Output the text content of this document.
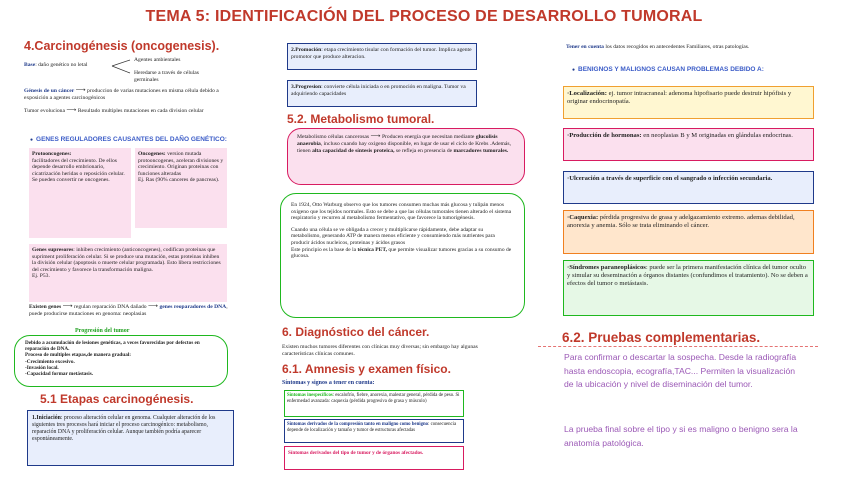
TEMA 5: IDENTIFICACIÓN DEL PROCESO DE DESARROLLO TUMORAL
4.Carcinogénesis (oncogenesis).
Base: daño genético no letal
Agentes ambientales
Heredarse a través de células germinales
Génesis de un cáncer ⟶ produccion de varias mutaciones en misma célula debido a exposición a agentes carcinogénicos
Tumor evoluciona ⟶ Resultado multiples mutaciones en cada division celular
● GENES REGULADORES CAUSANTES DEL DAÑO GENÉTICO:
Protooncogenes:
facilitadores del crecimiento. De ellos depende desarrollo embrionario, cicatrización heridas o reposición celular. Se pueden convertir ne oncogenes.
Oncogenes: version mutada protooncogenes, aceleran divisiones y crecimiento. Originan proteinas con funciones alteradas
Ej. Ras (90% canceres de pancreas).
Genes supresores: inhiben crecimiento (anticoncogenes), codifican proteinas que supriment proliferación celular. Si se produce una mutación, estas proteinas inhiben la división celular (apoptosis o muerte celular programada). Esto libera restricciones del crecimiento y favorece la transformación maligna.
Ej. P53.
Existen genes ⟶ regulan reparación DNA dañado ⟶ genes reoparadores de DNA, puede producirse mutaciones en genoma: neoplasias
Progresión del tumor
Debido a acumulación de lesiones genéticas, a veces favorecidas por defectos en reparación de DNA.
Proceso de multiples etapas,de manera gradual:
-Crecimiento excesivo.
-Invasión local.
-Capacidad formar metástasis.
5.1 Etapas carcinogénesis.
1.Iniciación: proceso alteración celular en genoma. Cualquier alteración de los siguientes tres procesos hará iniciar el proceso carcinogénico: metabolismo, reparación DNA y proliferación celular. Aunque también podría aparecer espontáneamente.
2.Promoción: etapa crecimiento tisular con formación del tumor. Implica agente promotor que produce alteracion.
3.Progresion: convierte célula iniciada o en promoción en maligna. Tumor va adquiriendo capacidades
5.2. Metabolismo tumoral.
Metabolismo células cancerosas ⟶ Producen energía que necesitan mediante glucolisis anaerobia, incluso cuando hay oxigeno disponible, en lugar de usar el ciclo de Krebs .Además, tienen alta capacidad de síntesis proteica, se refleja en presencia de marcadores tumorales.
En 1924, Otto Warburg observo que los tumores consumen muchas más glucosa y tulipán menos oxigeno que los tejidos normales. Esto se debe a que las células tumorales tienen alterado el sistema respiratorio y recurren al metabolismo fermentativo, que favorece la tumorigénesis.
Cuando una célula se ve obligada a crecer y multiplicarse rápidamente, debe adaptar su metabolismo, generando ATP de manera menos eficiente y consumiendo más nutrientes para producir ácidos nucleicos, proteinas y ácidos grasos
Este principio es la base de la técnica PET, que permite visualizar tumores gracias a su consumo de glucosa.
6. Diagnóstico del cáncer.
Existen muchos tumores diferentes con clínicas muy diversas; sin embargo hay algunas características clínicas comunes.
6.1. Amnesis y examen físico.
Síntomas y signos a tener en cuenta:
Síntomas inespecíficos: escalofrío, fiebre, anorexia, malestar general, pérdida de peso. Si enfermedad avanzada: caquexia (pérdida progresiva de grasa y músculo)
Síntomas derivados de la compresión tanto en maligno como benigno: consecuencia depende de localización y tamaño y tumor de estructuras afectadas
Síntomas derivados del tipo de tumor y de órganos afectados.
Tener en cuenta los datos recogidos en antecedentes Familiares, otras patologías.
● BENIGNOS Y MALIGNOS CAUSAN PROBLEMAS DEBIDO A:
·Localización: ej. tumor intracraneal: adenoma hipofisario puede destruir hipófisis y originar endocrinopatía.
·Producción de hormonas: en neoplasias B y M originadas en glándulas endocrinas.
·Ulceración a través de superficie con el sangrado o infección secundaria.
·Caquexia: pérdida progresiva de grasa y adelgazamiento extremo. ademas debilidad, anorexia y anemia. Sólo se trata eliminando el cáncer.
·Síndromes paraneoplásicos: puede ser la primera manifestación clínica del tumor oculto y simular su deseminación a órganos distantes (confundimos el tratamiento). No se deben a efectos del tumor o metástasis.
6.2. Pruebas complementarias.
Para confirmar o descartar la sospecha. Desde la radiografía hasta endoscopia, ecografía,TAC... Permiten la visualización de la ubicación y nivel de diseminación del tumor.
La prueba final sobre el tipo y si es maligno o benigno sera la anatomía patológica.
